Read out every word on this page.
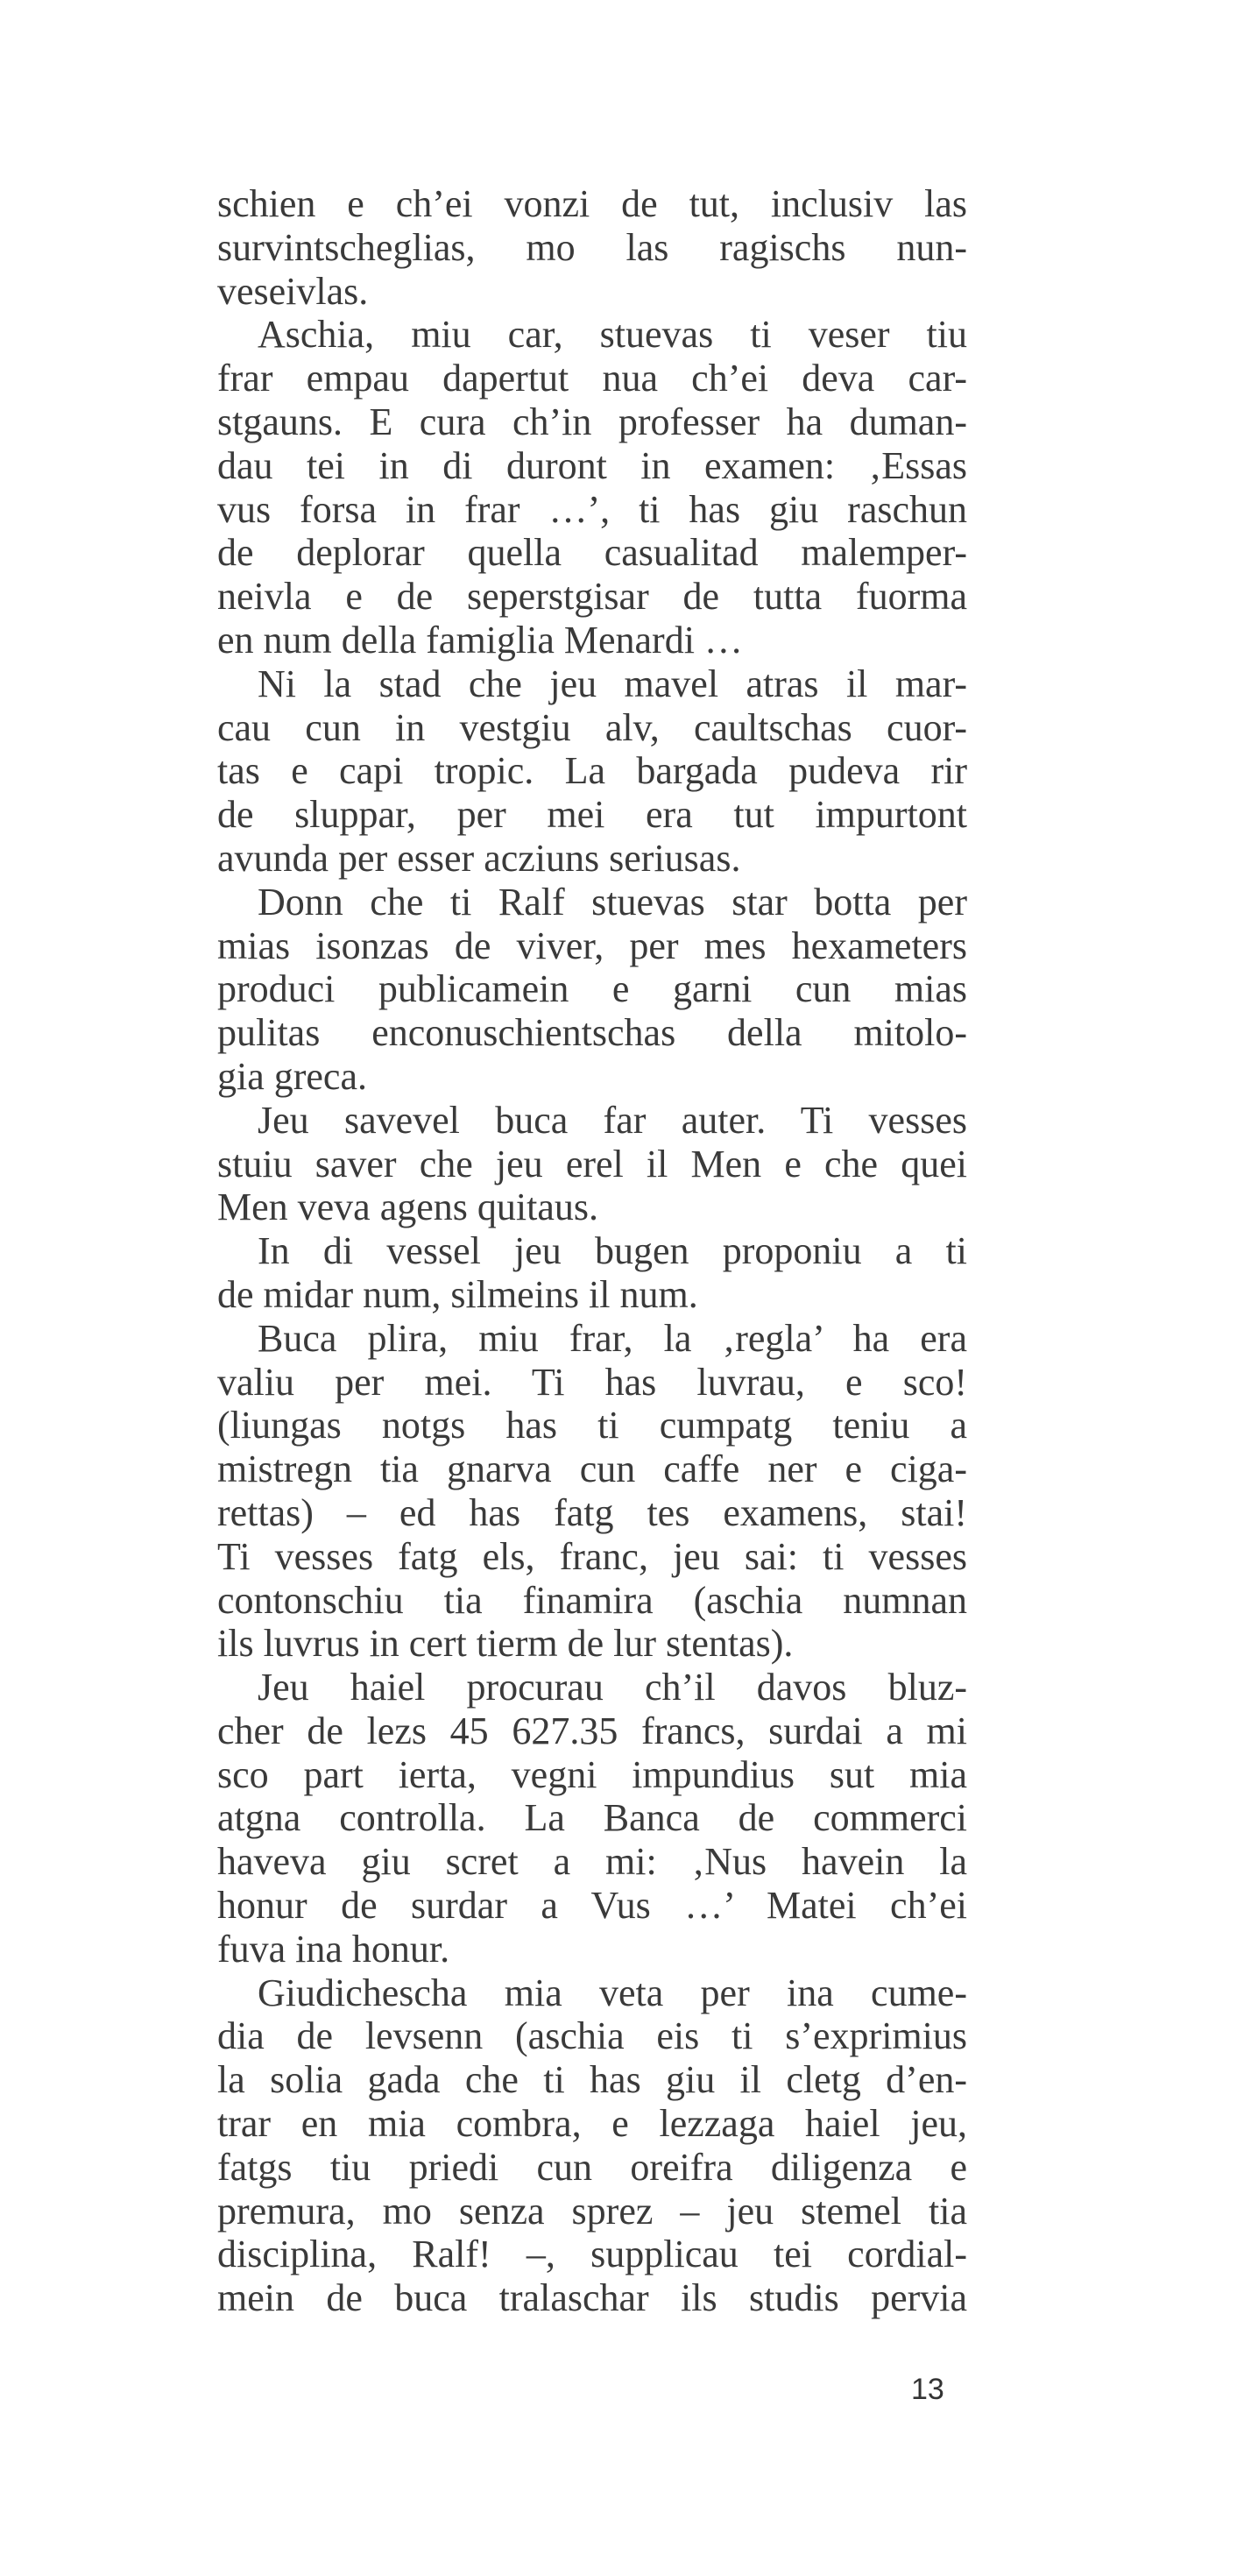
schien e ch’ei vonzi de tut, inclusiv las
survintscheglias, mo las ragischs nun-
veseivlas.
Aschia, miu car, stuevas ti veser tiu
frar empau dapertut nua ch’ei deva car-
stgauns. E cura ch’in professer ha duman-
dau tei in di duront in examen: ‚Essas
vus forsa in frar …’, ti has giu raschun
de deplorar quella casualitad malemper-
neivla e de seperstgisar de tutta fuorma
en num della famiglia Menardi …
Ni la stad che jeu mavel atras il mar-
cau cun in vestgiu alv, caultschas cuor-
tas e capi tropic. La bargada pudeva rir
de sluppar, per mei era tut impurtont
avunda per esser acziuns seriusas.
Donn che ti Ralf stuevas star botta per
mias isonzas de viver, per mes hexameters
produci publicamein e garni cun mias
pulitas enconuschientschas della mitolo-
gia greca.
Jeu savevel buca far auter. Ti vesses
stuiu saver che jeu erel il Men e che quei
Men veva agens quitaus.
In di vessel jeu bugen proponiu a ti
de midar num, silmeins il num.
Buca plira, miu frar, la ‚regla’ ha era
valiu per mei. Ti has luvrau, e sco!
(liungas notgs has ti cumpatg teniu a
mistregn tia gnarva cun caffe ner e ciga-
rettas) – ed has fatg tes examens, stai!
Ti vesses fatg els, franc, jeu sai: ti vesses
contonschiu tia finamira (aschia numnan
ils luvrus in cert tierm de lur stentas).
Jeu haiel procurau ch’il davos bluz-
cher de lezs 45 627.35 francs, surdai a mi
sco part ierta, vegni impundius sut mia
atgna controlla. La Banca de commerci
haveva giu scret a mi: ‚Nus havein la
honur de surdar a Vus …’ Matei ch’ei
fuva ina honur.
Giudichescha mia veta per ina cume-
dia de levsenn (aschia eis ti s’exprimius
la solia gada che ti has giu il cletg d’en-
trar en mia combra, e lezzaga haiel jeu,
fatgs tiu priedi cun oreifra diligenza e
premura, mo senza sprez – jeu stemel tia
disciplina, Ralf! –, supplicau tei cordial-
mein de buca tralaschar ils studis pervia
13
